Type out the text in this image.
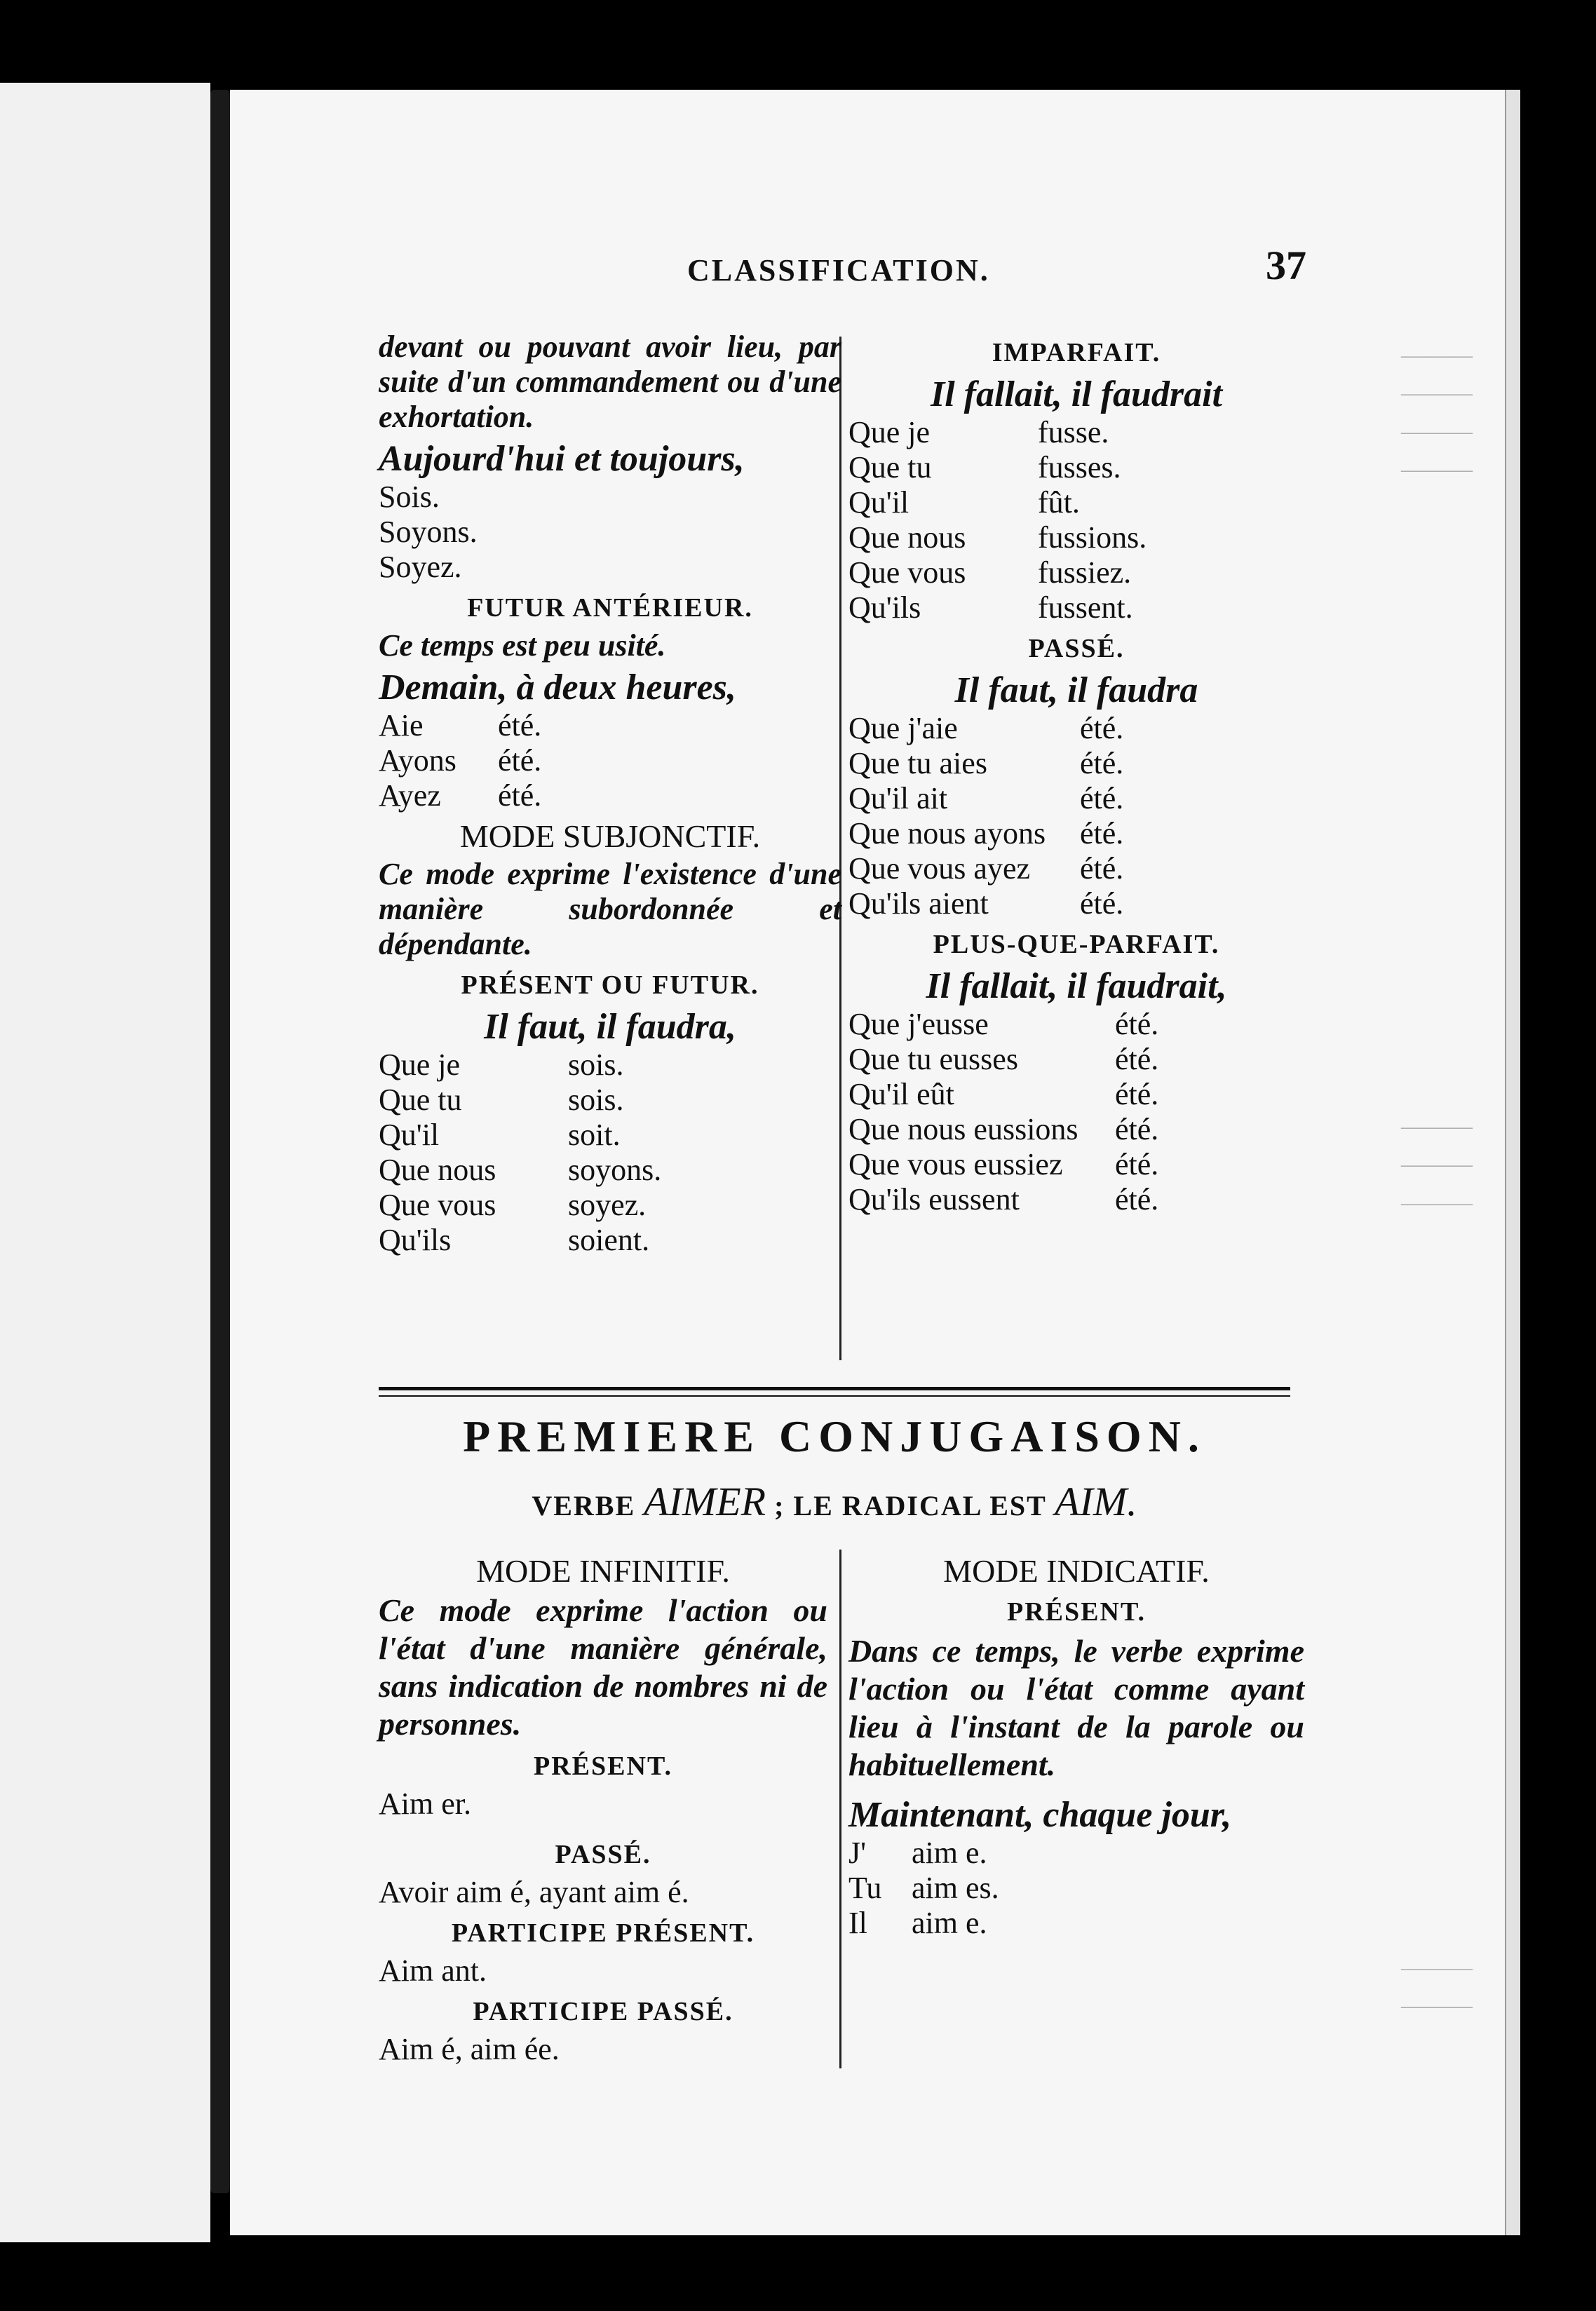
———
———
———
———
———
———
———
———
———
CLASSIFICATION.	37
devant ou pouvant avoir lieu, par suite d'un commandement ou d'une exhortation.
Aujourd'hui et toujours,
Sois.
Soyons.
Soyez.
FUTUR ANTÉRIEUR.
Ce temps est peu usité.
Demain, à deux heures,
Aie	été.
Ayons	été.
Ayez	été.
MODE SUBJONCTIF.
Ce mode exprime l'existence d'une manière subordonnée et dépendante.
PRÉSENT OU FUTUR.
Il faut, il faudra,
Que je	sois.
Que tu	sois.
Qu'il	soit.
Que nous	soyons.
Que vous	soyez.
Qu'ils	soient.
IMPARFAIT.
Il fallait, il faudrait
Que je	fusse.
Que tu	fusses.
Qu'il	fût.
Que nous	fussions.
Que vous	fussiez.
Qu'ils	fussent.
PASSÉ.
Il faut, il faudra
Que j'aie	été.
Que tu aies	été.
Qu'il ait	été.
Que nous ayons	été.
Que vous ayez	été.
Qu'ils aient	été.
PLUS-QUE-PARFAIT.
Il fallait, il faudrait,
Que j'eusse	été.
Que tu eusses	été.
Qu'il eût	été.
Que nous eussions	été.
Que vous eussiez	été.
Qu'ils eussent	été.
PREMIERE CONJUGAISON.
VERBE AIMER ; LE RADICAL EST AIM.
MODE INFINITIF.
Ce mode exprime l'action ou l'état d'une manière générale, sans indication de nombres ni de personnes.
PRÉSENT.
Aim er.
PASSÉ.
Avoir aim é, ayant aim é.
PARTICIPE PRÉSENT.
Aim ant.
PARTICIPE PASSÉ.
Aim é, aim ée.
MODE INDICATIF.
PRÉSENT.
Dans ce temps, le verbe exprime l'action ou l'état comme ayant lieu à l'instant de la parole ou habituellement.
Maintenant, chaque jour,
J'	aim e.
Tu aim es.
Il	aim e.
